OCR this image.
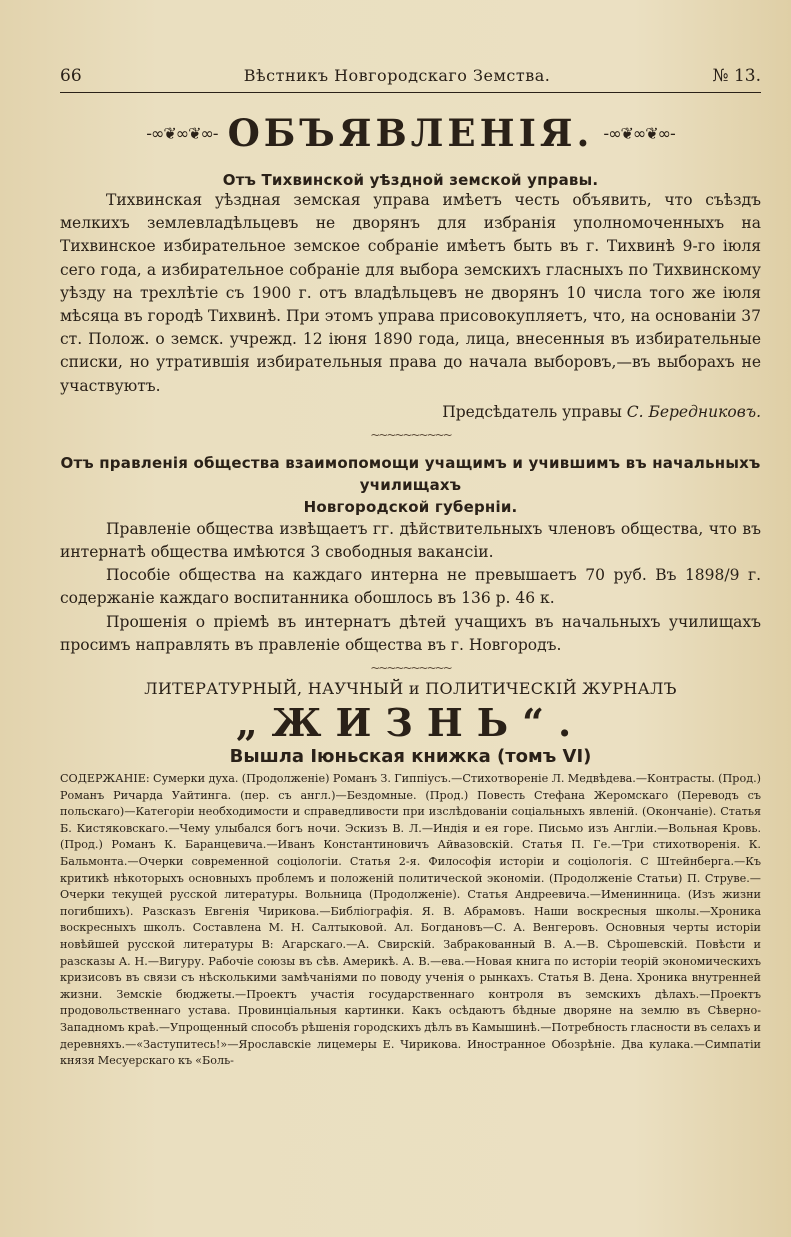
66	Вѣстникъ Новгородскаго Земства.	№ 13.
-∞❦∞❦∞- ОБЪЯВЛЕНІЯ. -∞❦∞❦∞-
Отъ Тихвинской уѣздной земской управы.

Тихвинская уѣздная земская управа имѣетъ честь объявить, что съѣздъ мелкихъ землевладѣльцевъ не дворянъ для избранія уполномоченныхъ на Тихвинское избирательное земское собраніе имѣетъ быть въ г. Тихвинѣ 9-го іюля сего года, а избирательное собраніе для выбора земскихъ гласныхъ по Тихвинскому уѣзду на трехлѣтіе съ 1900 г. отъ владѣльцевъ не дворянъ 10 числа того же іюля мѣсяца въ городѣ Тихвинѣ. При этомъ управа присовокупляетъ, что, на основаніи 37 ст. Полож. о земск. учрежд. 12 іюня 1890 года, лица, внесенныя въ избирательные списки, но утратившія избирательныя права до начала выборовъ,—въ выборахъ не участвуютъ.

Предсѣдатель управы С. Бередниковъ.
~~~~~~~~~~
Отъ правленія общества взаимопомощи учащимъ и учившимъ въ начальныхъ училищахъ
Новгородской губерніи.

Правленіе общества извѣщаетъ гг. дѣйствительныхъ членовъ общества, что въ интернатѣ общества имѣются 3 свободныя вакансіи.

Пособіе общества на каждаго интерна не превышаетъ 70 руб. Въ 1898/9 г. содержаніе каждаго воспитанника обошлось въ 136 р. 46 к.

Прошенія о пріемѣ въ интернатъ дѣтей учащихъ въ начальныхъ училищахъ просимъ направлять въ правленіе общества въ г. Новгородъ.

~~~~~~~~~~
ЛИТЕРАТУРНЫЙ, НАУЧНЫЙ и ПОЛИТИЧЕСКІЙ ЖУРНАЛЪ
„ЖИЗНЬ“.
Вышла Іюньская книжка (томъ VI)
СОДЕРЖАНІЕ: Сумерки духа. (Продолженіе) Романъ З. Гиппіусъ.—Стихотвореніе Л. Медвѣдева.—Контрасты. (Прод.) Романъ Ричарда Уайтинга. (пер. съ англ.)—Бездомные. (Прод.) Повесть Стефана Жеромскаго (Переводъ съ польскаго)—Категоріи необходимости и справедливости при изслѣдованіи соціальныхъ явленій. (Окончаніе). Статья Б. Кистяковскаго.—Чему улыбался богъ ночи. Эскизъ В. Л.—Индія и ея горе. Письмо изъ Англіи.—Вольная Кровь. (Прод.) Романъ К. Баранцевича.—Иванъ Константиновичъ Айвазовскій. Статья П. Ге.—Три стихотворенія. К. Бальмонта.—Очерки современной соціологіи. Статья 2-я. Философія исторіи и соціологія. С Штейнберга.—Къ критикѣ нѣкоторыхъ основныхъ проблемъ и положеній политической экономіи. (Продолженіе Статьи) П. Струве.—Очерки текущей русской литературы. Вольница (Продолженіе). Статья Андреевича.—Именинница. (Изъ жизни погибшихъ). Разсказъ Евгенія Чирикова.—Библіографія. Я. В. Абрамовъ. Наши воскресныя школы.—Хроника воскресныхъ школъ. Составлена М. Н. Салтыковой. Ал. Богдановъ—С. А. Венгеровъ. Основныя черты исторіи новѣйшей русской литературы В: Агарскаго.—А. Свирскій. Забракованный В. А.—В. Сѣрошевскій. Повѣсти и разсказы А. Н.—Вигуру. Рабочіе союзы въ сѣв. Америкѣ. А. В.—ева.—Новая книга по исторіи теорій экономическихъ кризисовъ въ связи съ нѣсколькими замѣчаніями по поводу ученія о рынкахъ. Статья В. Дена. Хроника внутренней жизни. Земскіе бюджеты.—Проектъ участія государственнаго контроля въ земскихъ дѣлахъ.—Проектъ продовольственнаго устава. Провинціальныя картинки. Какъ осѣдаютъ бѣдные дворяне на землю въ Сѣверно-Западномъ краѣ.—Упрощенный способъ рѣшенія городскихъ дѣлъ въ Камышинѣ.—Потребность гласности въ селахъ и деревняхъ.—«Заступитесь!»—Ярославскіе лицемеры Е. Чирикова. Иностранное Обозрѣніе. Два кулака.—Симпатіи князя Месуерскаго къ «Боль-
